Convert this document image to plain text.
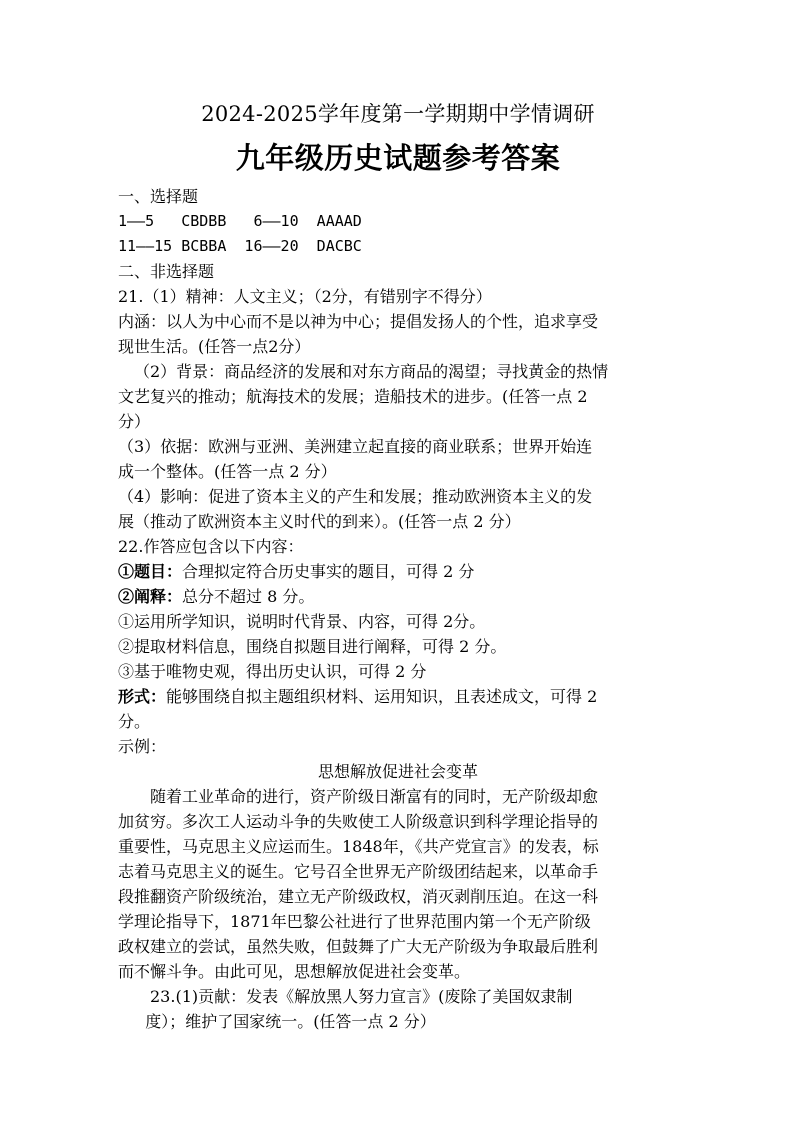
2024-2025学年度第一学期期中学情调研
九年级历史试题参考答案
一、选择题
1——5   CBDBB   6——10  AAAAD
11——15 BCBBA  16——20  DACBC
二、非选择题
21.（1）精神：人文主义；（2分，有错别字不得分）
内涵：以人为中心而不是以神为中心；提倡发扬人的个性，追求享受
现世生活。(任答一点2分）
（2）背景：商品经济的发展和对东方商品的渴望；寻找黄金的热情
文艺复兴的推动；航海技术的发展；造船技术的进步。(任答一点 2
分）
（3）依据：欧洲与亚洲、美洲建立起直接的商业联系；世界开始连
成一个整体。(任答一点 2 分）
（4）影响：促进了资本主义的产生和发展；推动欧洲资本主义的发
展（推动了欧洲资本主义时代的到来）。(任答一点 2 分）
22.作答应包含以下内容：
①题目：合理拟定符合历史事实的题目，可得 2 分
②阐释：总分不超过 8 分。
①运用所学知识，说明时代背景、内容，可得 2分。
②提取材料信息，围绕自拟题目进行阐释，可得 2 分。
③基于唯物史观，得出历史认识，可得 2 分
形式：能够围绕自拟主题组织材料、运用知识，且表述成文，可得 2
分。
示例：
思想解放促进社会变革
随着工业革命的进行，资产阶级日渐富有的同时，无产阶级却愈
加贫穷。多次工人运动斗争的失败使工人阶级意识到科学理论指导的
重要性，马克思主义应运而生。1848年，《共产党宣言》的发表，标
志着马克思主义的诞生。它号召全世界无产阶级团结起来，以革命手
段推翻资产阶级统治，建立无产阶级政权，消灭剥削压迫。在这一科
学理论指导下，1871年巴黎公社进行了世界范围内第一个无产阶级
政权建立的尝试，虽然失败，但鼓舞了广大无产阶级为争取最后胜利
而不懈斗争。由此可见，思想解放促进社会变革。
23.(1)贡献：发表《解放黑人努力宣言》(废除了美国奴隶制
度）；维护了国家统一。(任答一点 2 分）
